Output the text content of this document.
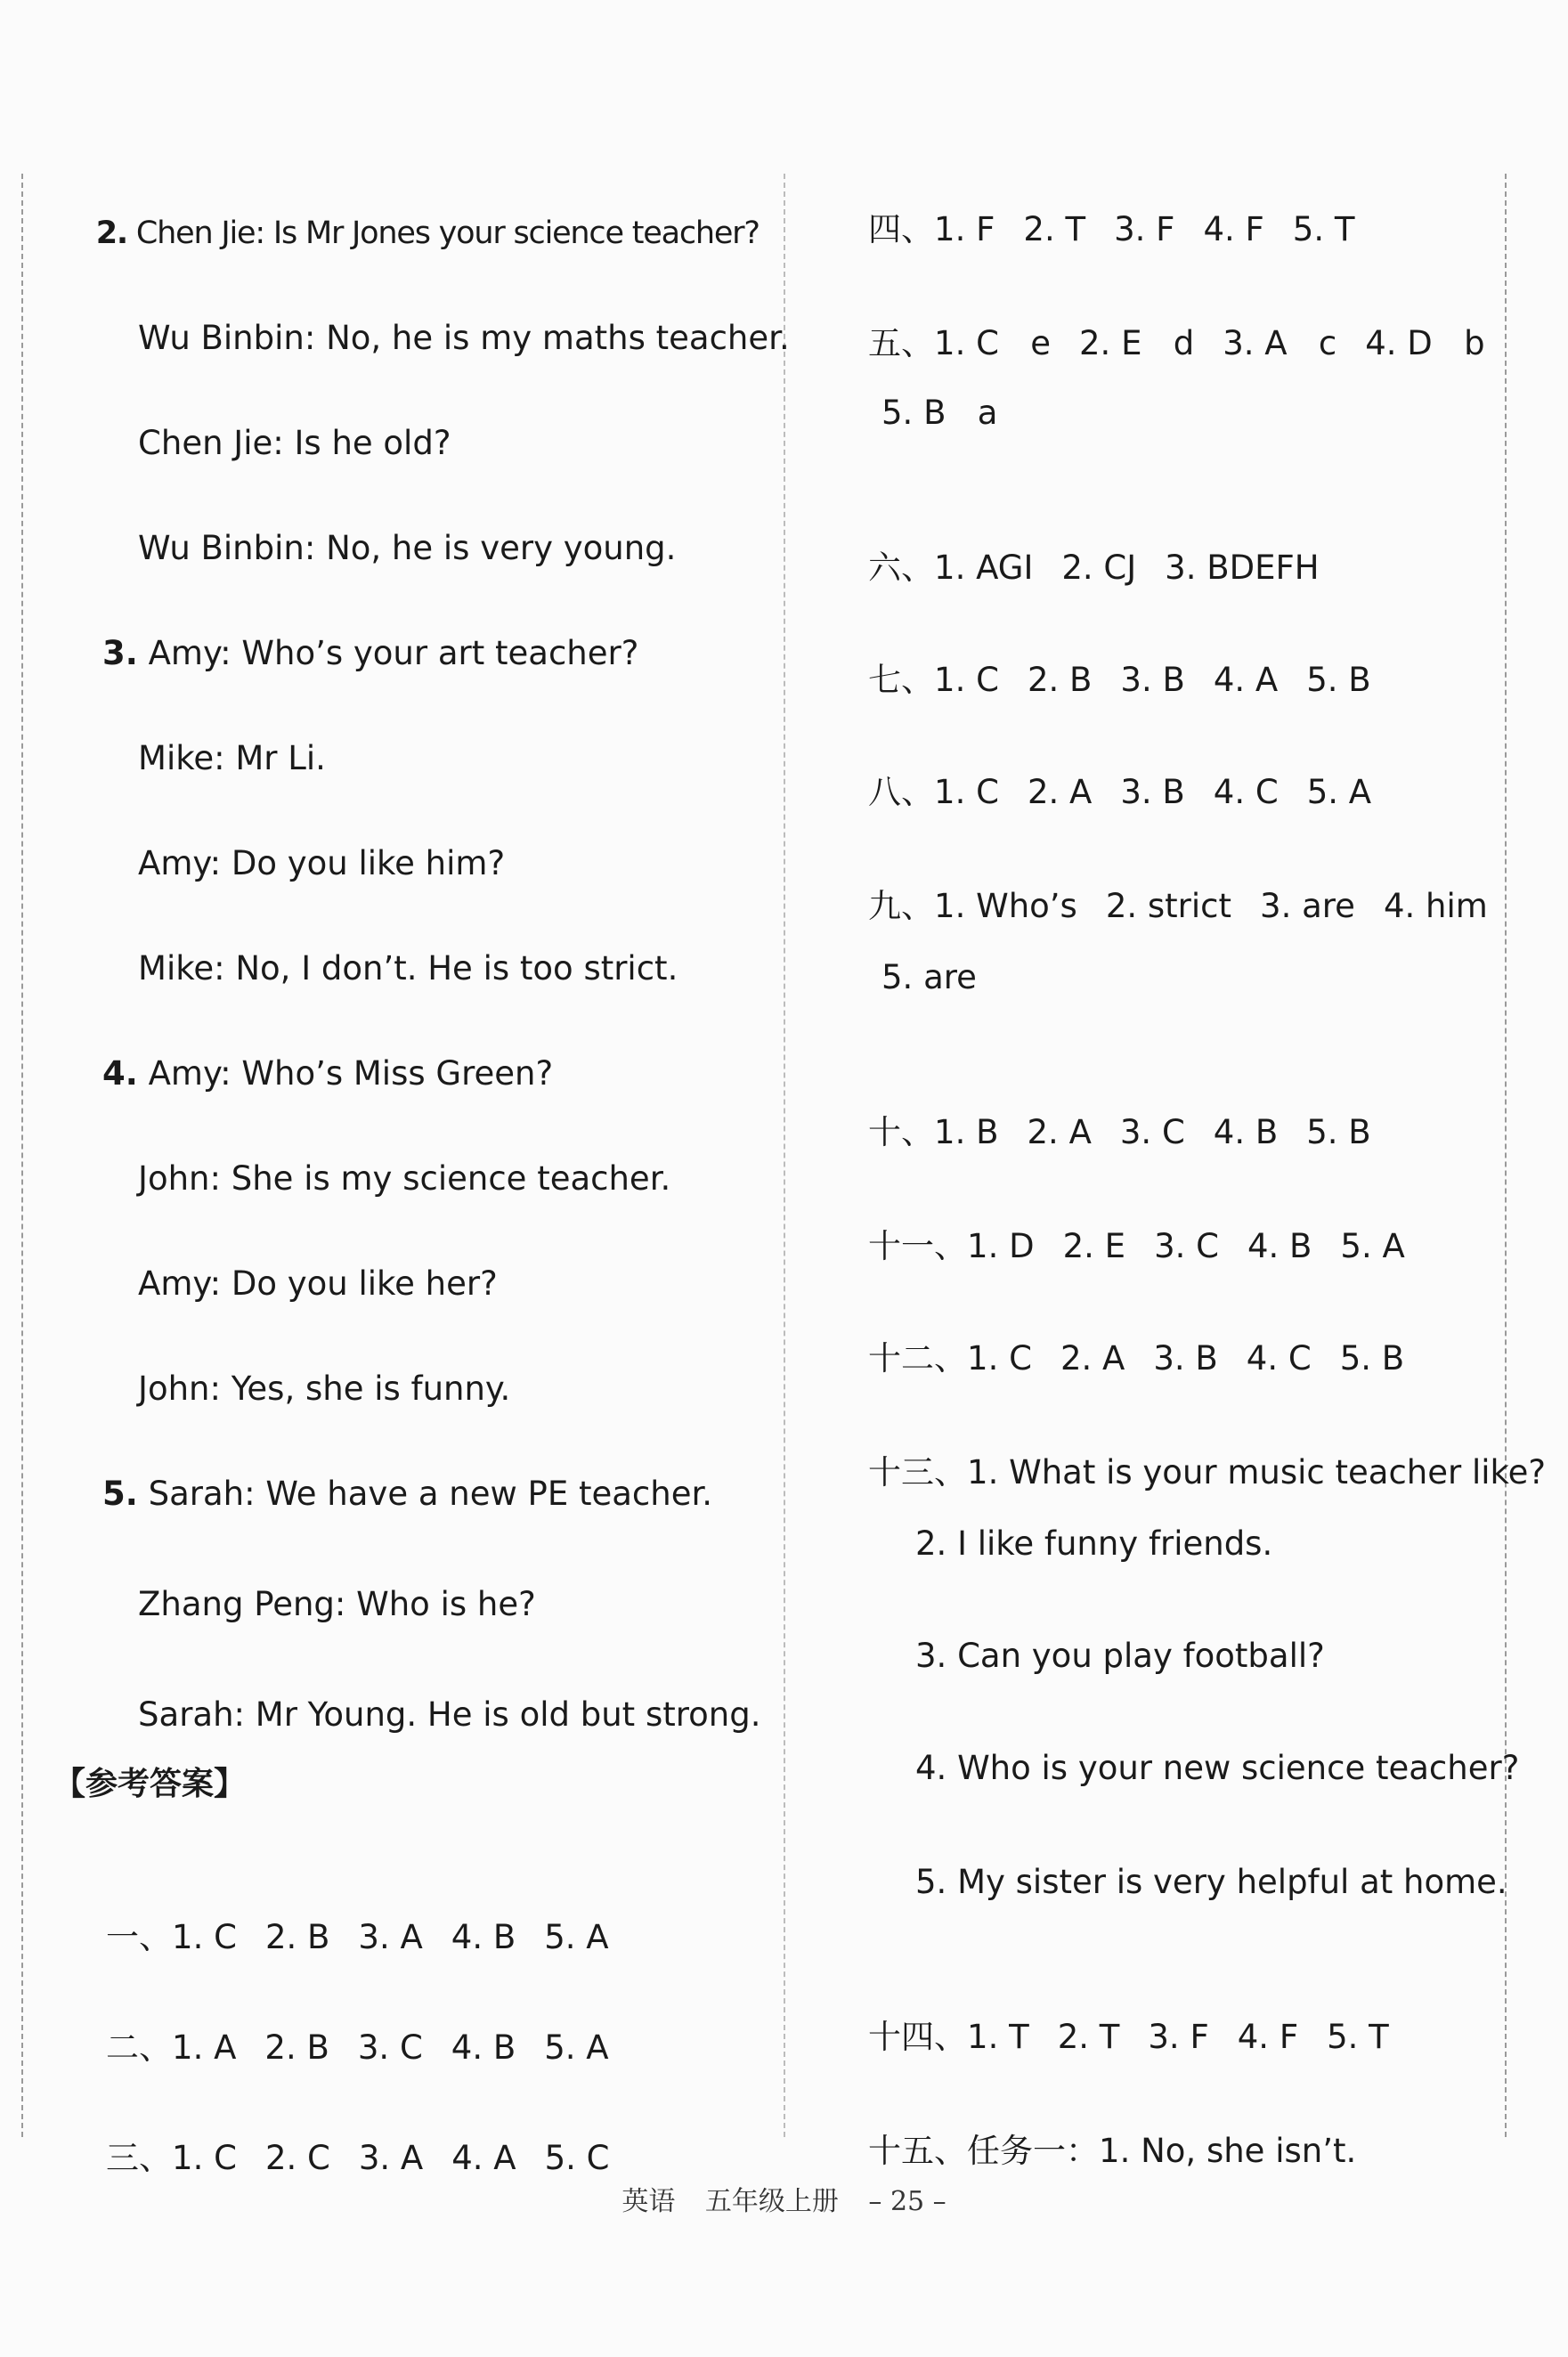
2. Chen Jie: Is Mr Jones your science teacher?

Wu Binbin: No, he is my maths teacher.

Chen Jie: Is he old?

Wu Binbin: No, he is very young.

3. Amy: Who’s your art teacher?

Mike: Mr Li.

Amy: Do you like him?

Mike: No, I don’t. He is too strict.

4. Amy: Who’s Miss Green?

John: She is my science teacher.

Amy: Do you like her?

John: Yes, she is funny.

5. Sarah: We have a new PE teacher.

Zhang Peng: Who is he?

Sarah: Mr Young. He is old but strong.

【参考答案】

一、1. C 2. B 3. A 4. B 5. A

二、1. A 2. B 3. C 4. B 5. A

三、1. C 2. C 3. A 4. A 5. C

四、1. F 2. T 3. F 4. F 5. T

五、1. C   e 2. E   d 3. A   c 4. D   b

5. B   a

六、1. AGI 2. CJ 3. BDEFH

七、1. C 2. B 3. B 4. A 5. B

八、1. C 2. A 3. B 4. C 5. A

九、1. Who’s 2. strict 3. are 4. him

5. are

十、1. B 2. A 3. C 4. B 5. B

十一、1. D 2. E 3. C 4. B 5. A

十二、1. C 2. A 3. B 4. C 5. B

十三、1. What is your music teacher like?

2. I like funny friends.
3. Can you play football?
4. Who is your new science teacher?
5. My sister is very helpful at home.

十四、1. T 2. T 3. F 4. F 5. T

十五、任务一：1. No, she isn’t.

英语 五年级上册 – 25 –
